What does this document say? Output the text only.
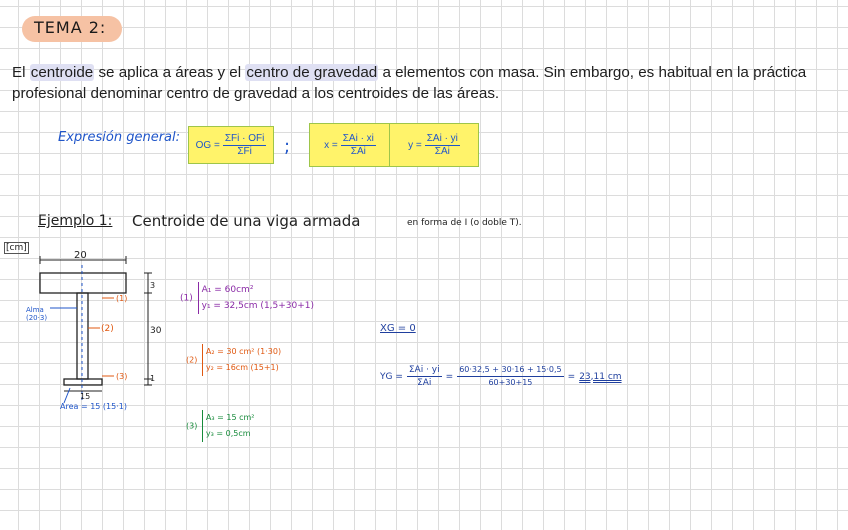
TEMA 2:
El centroide se aplica a áreas y el centro de gravedad a elementos con masa. Sin embargo, es habitual en la práctica profesional denominar centro de gravedad a los centroides de las áreas.
Expresión general: OG = $\frac{\text{ΣFi · OFi}}{\text{ΣFi}}$ ;	$x = \frac{\text{ΣAi · xi}}{\text{ΣAi}}$	$y = \frac{\text{ΣAi · yi}}{\text{ΣAi}}$
Ejemplo 1: Centroide de una viga armada	en forma de I (o doble T).
[cm]
20
3
30
1
15
Alma (20·3)
Area = 15 (15·1)
(1)
(2)
(3)
(1)
A₁ = 60cm²
y₁ = 32,5cm (1,5+30+1)
(2)
A₂ = 30 cm² (1·30)
y₂ = 16cm (15+1)
(3)
A₃ = 15 cm²
y₃ = 0,5cm
XG = 0
YG = $\frac{\text{ΣAi · yi}}{\text{ΣAi}} = \frac{60\cdot 32,5 + 30\cdot 16 + 15\cdot 0,5}{60+30+15} = 23,11$ cm
